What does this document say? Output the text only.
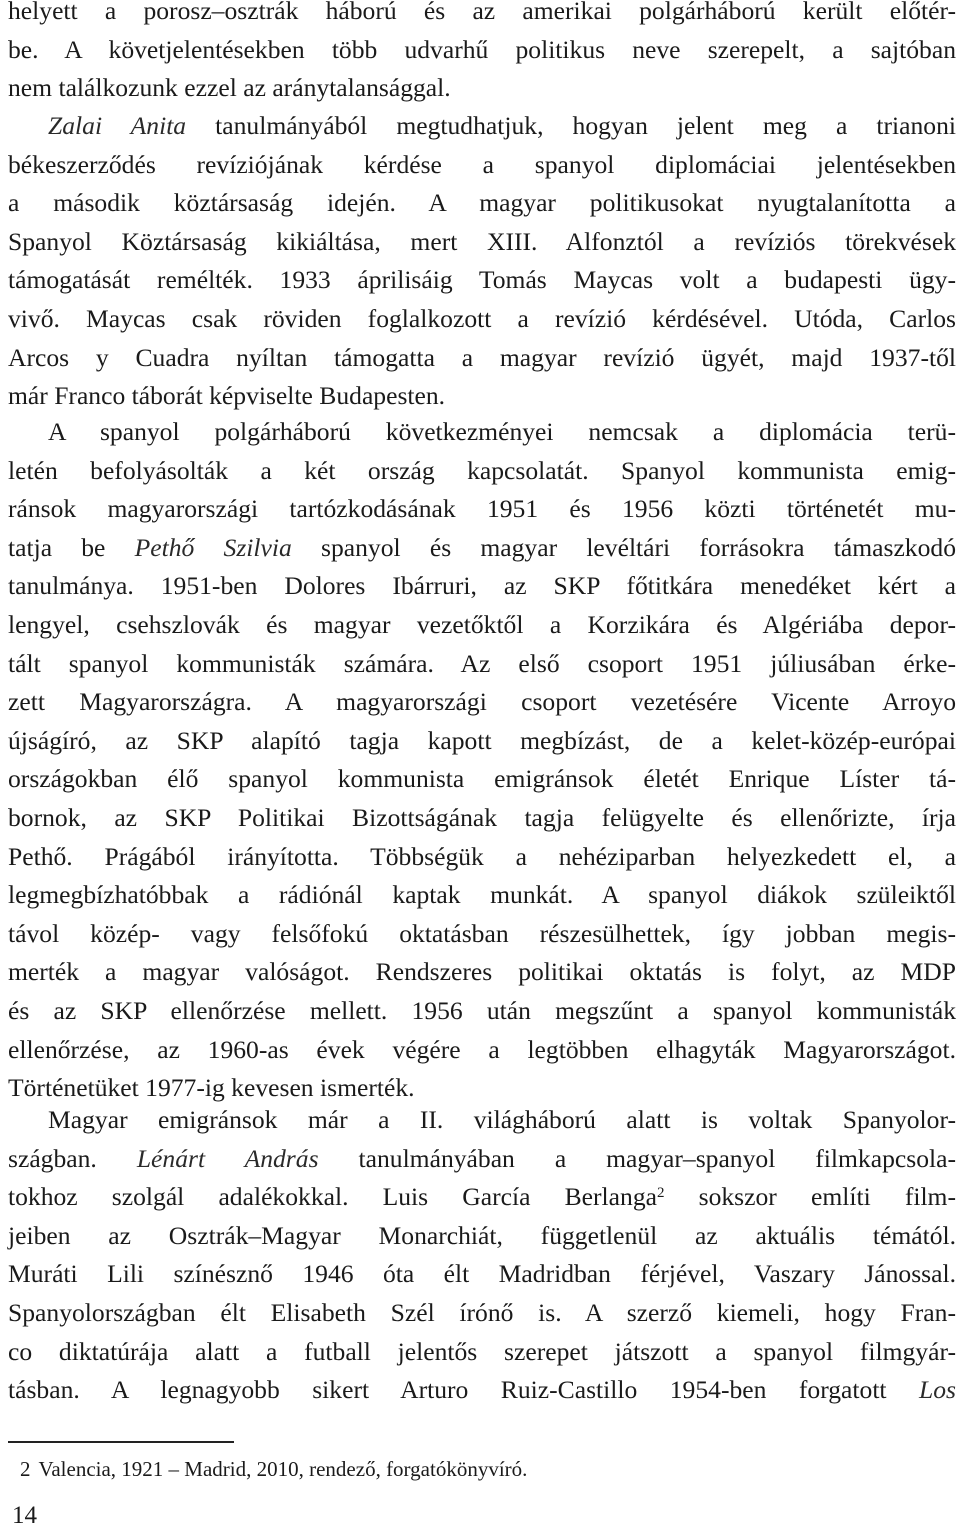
helyett a porosz–osztrák háború és az amerikai polgárháború került előtér-
be. A követjelentésekben több udvarhű politikus neve szerepelt, a sajtóban
nem találkozunk ezzel az aránytalansággal.
Zalai Anita tanulmányából megtudhatjuk, hogyan jelent meg a trianoni
békeszerződés revíziójának kérdése a spanyol diplomáciai jelentésekben
a második köztársaság idején. A magyar politikusokat nyugtalanította a
Spanyol Köztársaság kikiáltása, mert XIII. Alfonztól a revíziós törekvések
támogatását remélték. 1933 áprilisáig Tomás Maycas volt a budapesti ügy-
vivő. Maycas csak röviden foglalkozott a revízió kérdésével. Utóda, Carlos
Arcos y Cuadra nyíltan támogatta a magyar revízió ügyét, majd 1937-től
már Franco táborát képviselte Budapesten.
A spanyol polgárháború következményei nemcsak a diplomácia terü-
letén befolyásolták a két ország kapcsolatát. Spanyol kommunista emig-
ránsok magyarországi tartózkodásának 1951 és 1956 közti történetét mu-
tatja be Pethő Szilvia spanyol és magyar levéltári forrásokra támaszkodó
tanulmánya. 1951-ben Dolores Ibárruri, az SKP főtitkára menedéket kért a
lengyel, csehszlovák és magyar vezetőktől a Korzikára és Algériába depor-
tált spanyol kommunisták számára. Az első csoport 1951 júliusában érke-
zett Magyarországra. A magyarországi csoport vezetésére Vicente Arroyo
újságíró, az SKP alapító tagja kapott megbízást, de a kelet-közép-európai
országokban élő spanyol kommunista emigránsok életét Enrique Líster tá-
bornok, az SKP Politikai Bizottságának tagja felügyelte és ellenőrizte, írja
Pethő. Prágából irányította. Többségük a nehéziparban helyezkedett el, a
legmegbízhatóbbak a rádiónál kaptak munkát. A spanyol diákok szüleiktől
távol közép- vagy felsőfokú oktatásban részesülhettek, így jobban megis-
merték a magyar valóságot. Rendszeres politikai oktatás is folyt, az MDP
és az SKP ellenőrzése mellett. 1956 után megszűnt a spanyol kommunisták
ellenőrzése, az 1960-as évek végére a legtöbben elhagyták Magyarországot.
Történetüket 1977-ig kevesen ismerték.
Magyar emigránsok már a II. világháború alatt is voltak Spanyolor-
szágban. Lénárt András tanulmányában a magyar–spanyol filmkapcsola-
tokhoz szolgál adalékokkal. Luis García Berlanga$^2$ sokszor említi film-
jeiben az Osztrák–Magyar Monarchiát, függetlenül az aktuális témától.
Muráti Lili színésznő 1946 óta élt Madridban férjével, Vaszary Jánossal.
Spanyolországban élt Elisabeth Szél írónő is. A szerző kiemeli, hogy Fran-
co diktatúrája alatt a futball jelentős szerepet játszott a spanyol filmgyár-
tásban. A legnagyobb sikert Arturo Ruiz-Castillo 1954-ben forgatott Los
2 Valencia, 1921 – Madrid, 2010, rendező, forgatókönyvíró.
14
